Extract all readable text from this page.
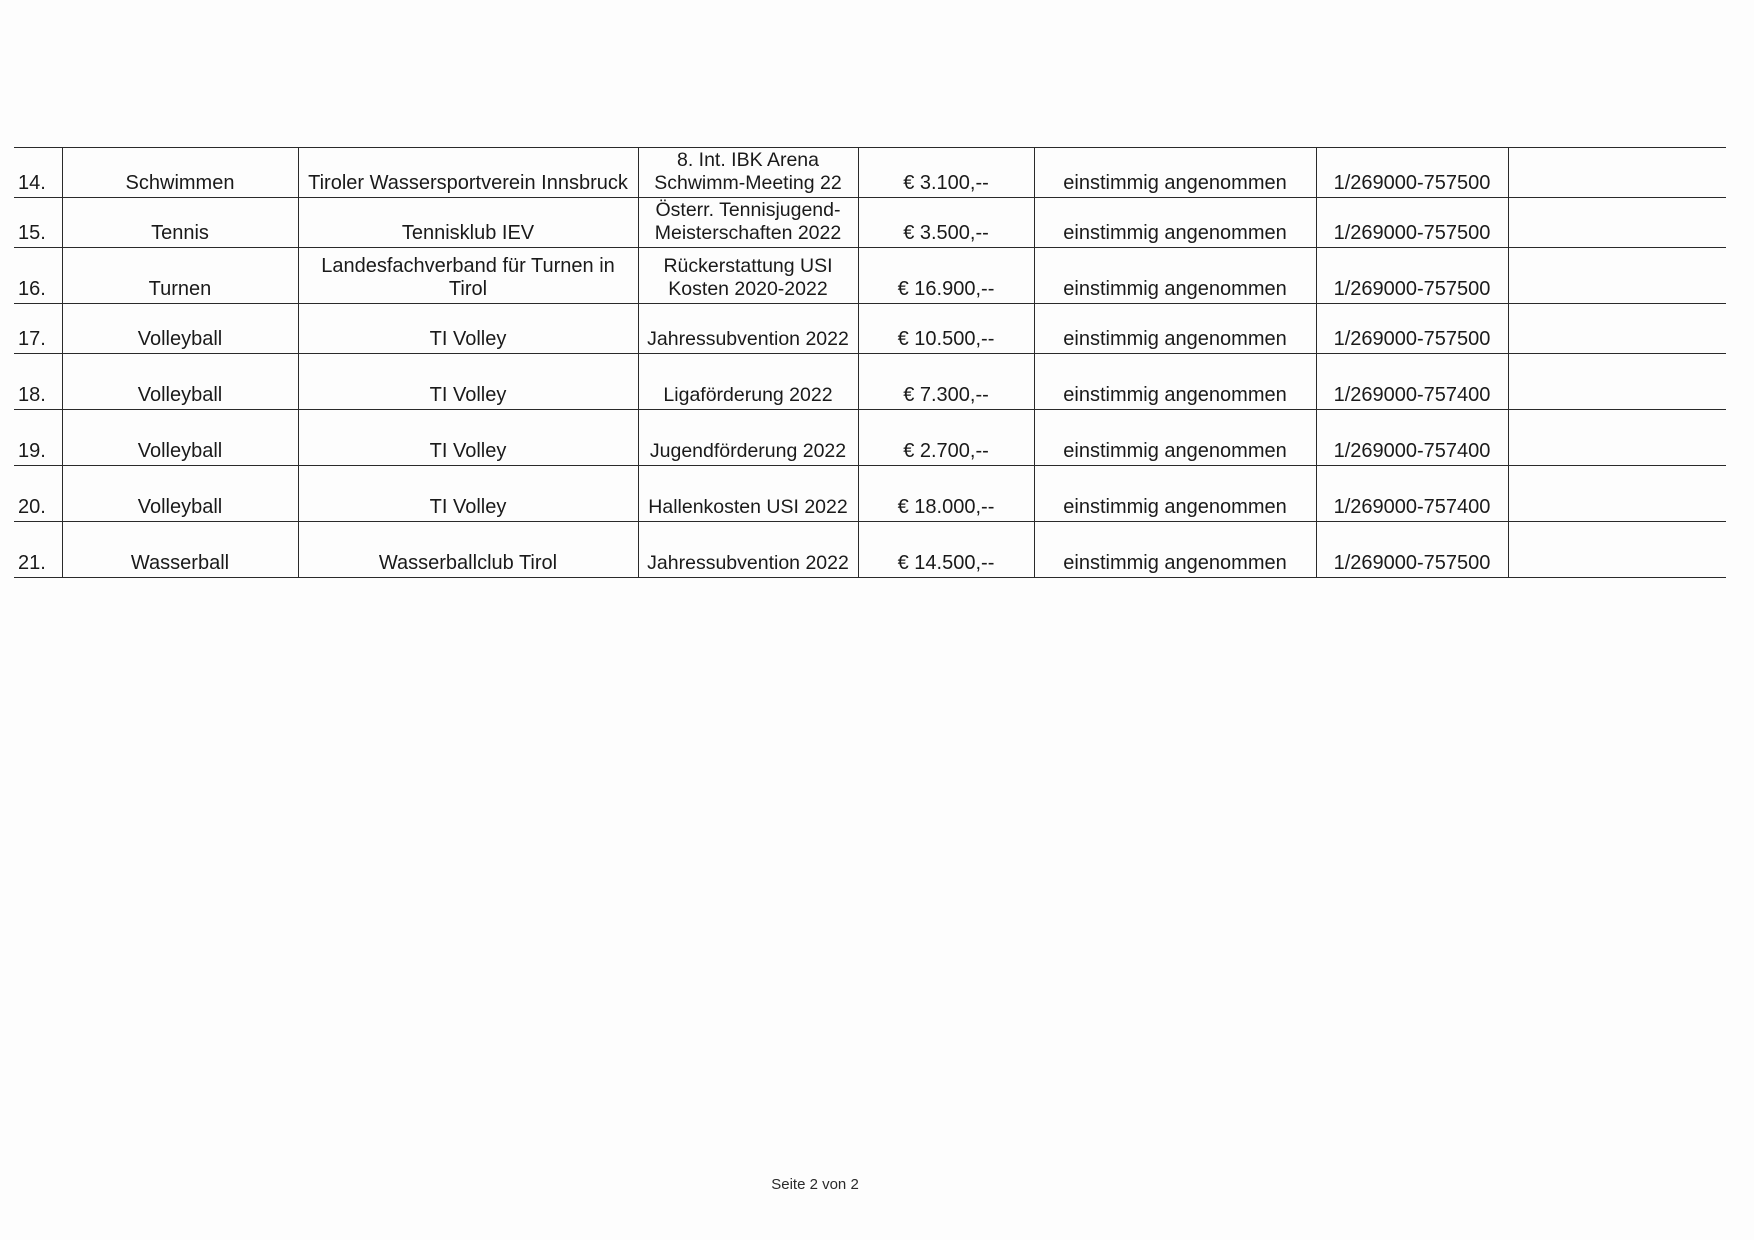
14.	Schwimmen	Tiroler Wassersportverein Innsbruck	8. Int. IBK Arena Schwimm-Meeting 22	€ 3.100,--	einstimmig angenommen	1/269000-757500	
15.	Tennis	Tennisklub IEV	Österr. Tennisjugend-Meisterschaften 2022	€ 3.500,--	einstimmig angenommen	1/269000-757500	
16.	Turnen	Landesfachverband für Turnen in Tirol	Rückerstattung USI Kosten 2020-2022	€ 16.900,--	einstimmig angenommen	1/269000-757500	
17.	Volleyball	TI Volley	Jahressubvention 2022	€ 10.500,--	einstimmig angenommen	1/269000-757500	
18.	Volleyball	TI Volley	Ligaförderung 2022	€ 7.300,--	einstimmig angenommen	1/269000-757400	
19.	Volleyball	TI Volley	Jugendförderung 2022	€ 2.700,--	einstimmig angenommen	1/269000-757400	
20.	Volleyball	TI Volley	Hallenkosten USI 2022	€ 18.000,--	einstimmig angenommen	1/269000-757400	
21.	Wasserball	Wasserballclub Tirol	Jahressubvention 2022	€ 14.500,--	einstimmig angenommen	1/269000-757500	
Seite 2 von 2
